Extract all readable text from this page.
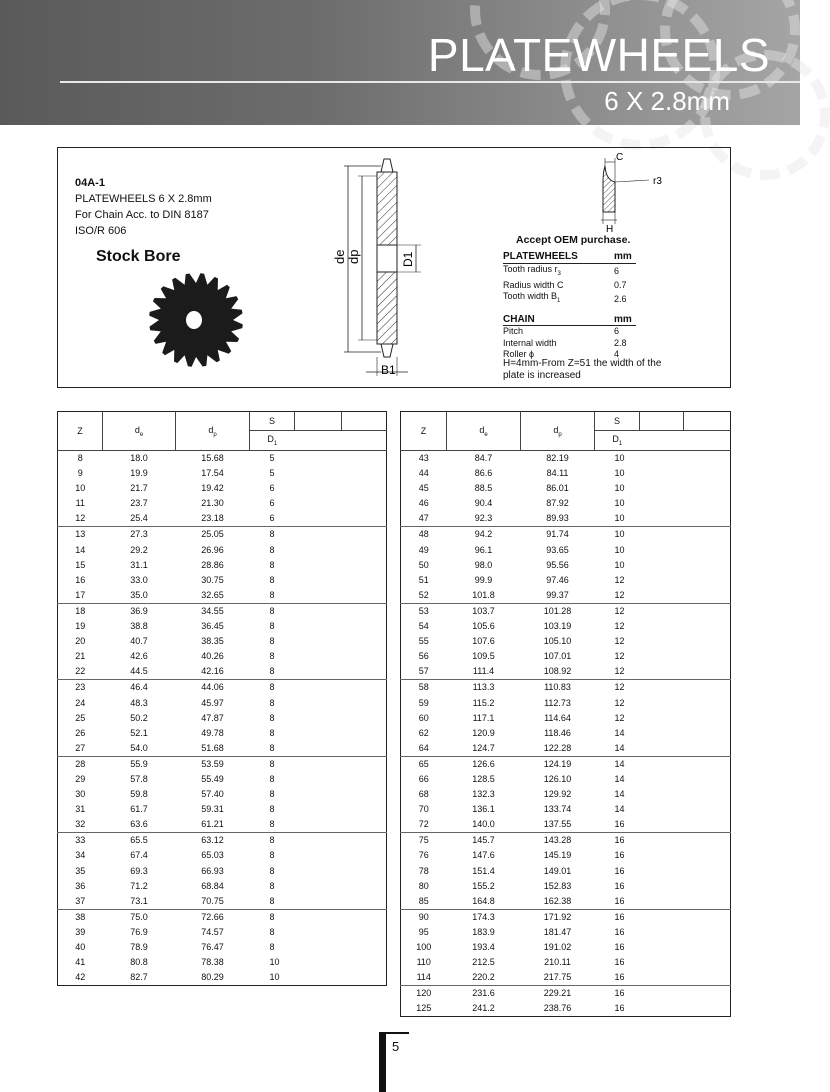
PLATEWHEELS
6 X 2.8mm
04A-1
PLATEWHEELS 6 X 2.8mm
For Chain Acc. to DIN 8187
ISO/R 606
Stock Bore	de dp	D1
B1
C
r3
H
Accept OEM purchase.
PLATEWHEELS	mm
Tooth radius $r_3$	6
Radius width C	0.7
Tooth width $B_1$	2.6

CHAIN	mm
Pitch	6
Internal width	2.8
Roller ϕ	4
H=4mm-From Z=51 the width of the plate is increased
Z	$d_e$	$d_p$	S		
			$D_1$		
8	18.0	15.68	5		
9	19.9	17.54	5		
10	21.7	19.42	6		
11	23.7	21.30	6		
12	25.4	23.18	6		
13	27.3	25.05	8		
14	29.2	26.96	8		
15	31.1	28.86	8		
16	33.0	30.75	8		
17	35.0	32.65	8		
18	36.9	34.55	8		
19	38.8	36.45	8		
20	40.7	38.35	8		
21	42.6	40.26	8		
22	44.5	42.16	8		
23	46.4	44.06	8		
24	48.3	45.97	8		
25	50.2	47.87	8		
26	52.1	49.78	8		
27	54.0	51.68	8		
28	55.9	53.59	8		
29	57.8	55.49	8		
30	59.8	57.40	8		
31	61.7	59.31	8		
32	63.6	61.21	8		
33	65.5	63.12	8		
34	67.4	65.03	8		
35	69.3	66.93	8		
36	71.2	68.84	8		
37	73.1	70.75	8		
38	75.0	72.66	8		
39	76.9	74.57	8		
40	78.9	76.47	8		
41	80.8	78.38	10		
42	82.7	80.29	10		
Z	$d_e$	$d_p$	S		
			$D_1$		
43	84.7	82.19	10		
44	86.6	84.11	10		
45	88.5	86.01	10		
46	90.4	87.92	10		
47	92.3	89.93	10		
48	94.2	91.74	10		
49	96.1	93.65	10		
50	98.0	95.56	10		
51	99.9	97.46	12		
52	101.8	99.37	12		
53	103.7	101.28	12		
54	105.6	103.19	12		
55	107.6	105.10	12		
56	109.5	107.01	12		
57	111.4	108.92	12		
58	113.3	110.83	12		
59	115.2	112.73	12		
60	117.1	114.64	12		
62	120.9	118.46	14		
64	124.7	122.28	14		
65	126.6	124.19	14		
66	128.5	126.10	14		
68	132.3	129.92	14		
70	136.1	133.74	14		
72	140.0	137.55	16		
75	145.7	143.28	16		
76	147.6	145.19	16		
78	151.4	149.01	16		
80	155.2	152.83	16		
85	164.8	162.38	16		
90	174.3	171.92	16		
95	183.9	181.47	16		
100	193.4	191.02	16		
110	212.5	210.11	16		
114	220.2	217.75	16		
120	231.6	229.21	16		
125	241.2	238.76	16		
5
